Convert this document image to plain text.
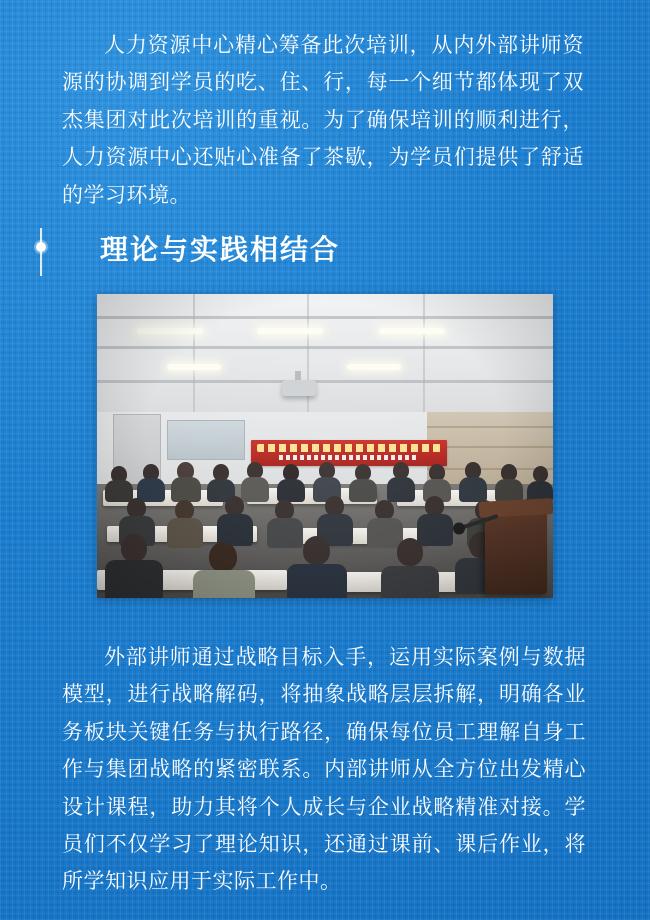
人力资源中心精心筹备此次培训，从内外部讲师资源的协调到学员的吃、住、行，每一个细节都体现了双杰集团对此次培训的重视。为了确保培训的顺利进行，人力资源中心还贴心准备了茶歇，为学员们提供了舒适的学习环境。

理论与实践相结合

外部讲师通过战略目标入手，运用实际案例与数据模型，进行战略解码，将抽象战略层层拆解，明确各业务板块关键任务与执行路径，确保每位员工理解自身工作与集团战略的紧密联系。内部讲师从全方位出发精心设计课程，助力其将个人成长与企业战略精准对接。学员们不仅学习了理论知识，还通过课前、课后作业，将所学知识应用于实际工作中。
